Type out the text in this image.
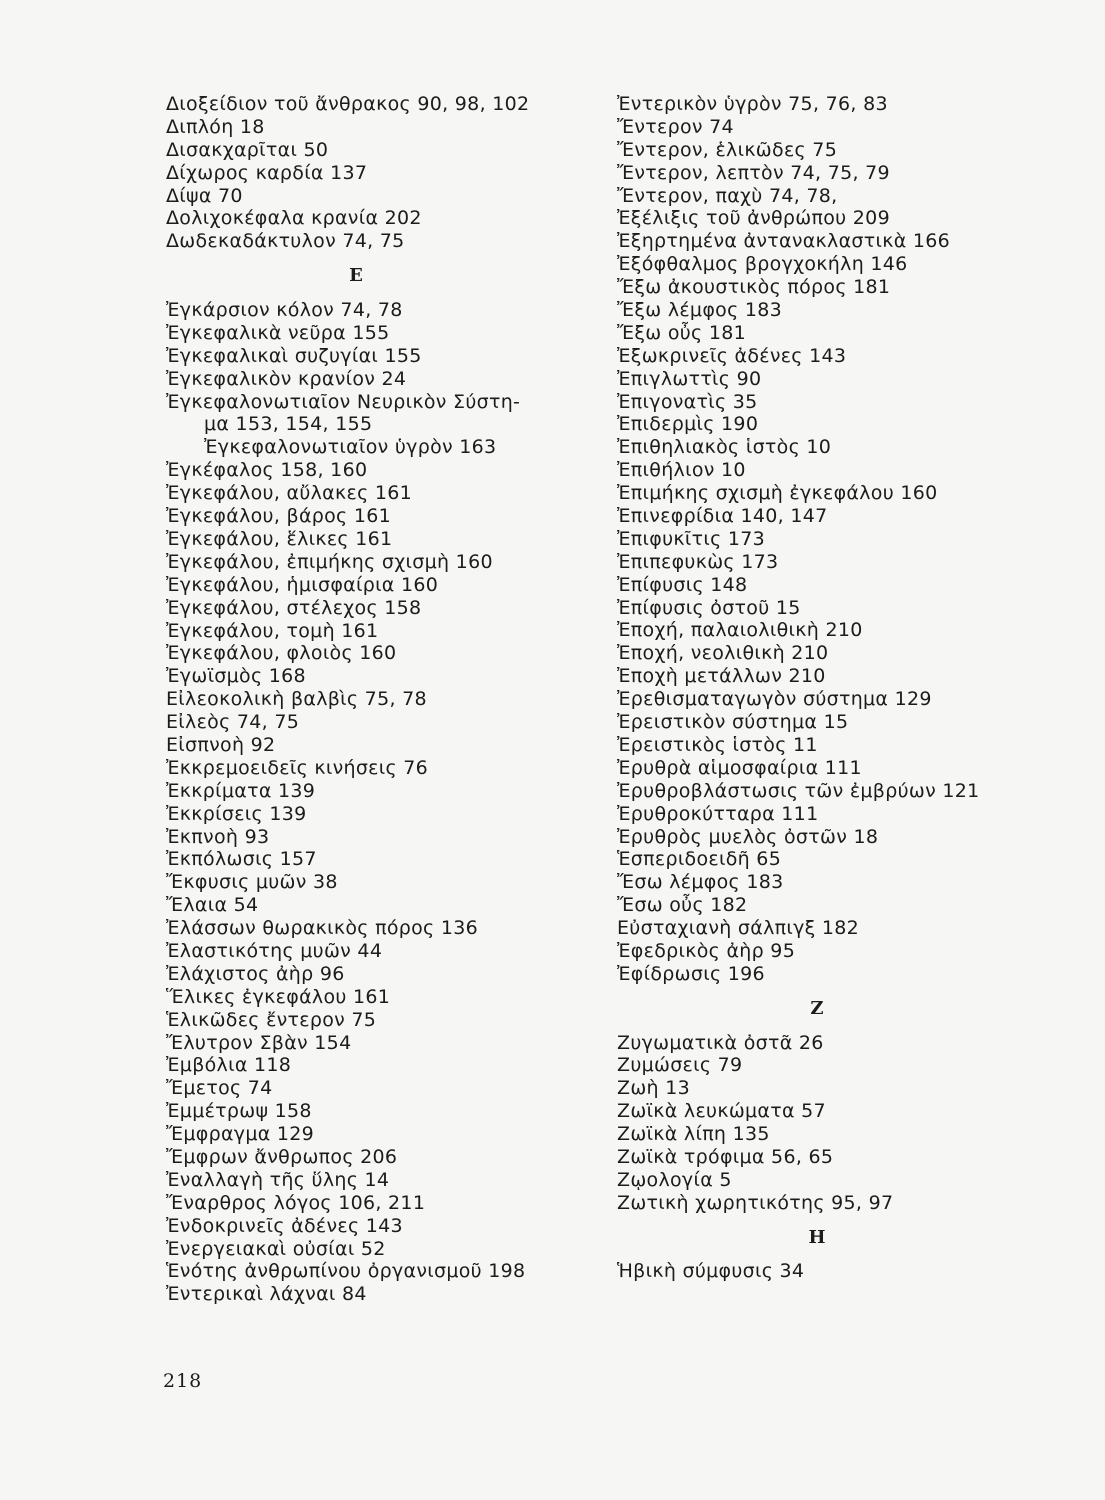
Διοξείδιον τοῦ ἄνθρακος 90, 98, 102
Διπλόη 18
Δισακχαρῖται 50
Δίχωρος καρδία 137
Δίψα 70
Δολιχοκέφαλα κρανία 202
Δωδεκαδάκτυλον 74, 75
Ε
Ἐγκάρσιον κόλον 74, 78
Ἐγκεφαλικὰ νεῦρα 155
Ἐγκεφαλικαὶ συζυγίαι 155
Ἐγκεφαλικὸν κρανίον 24
Ἐγκεφαλονωτιαῖον Νευρικὸν Σύστη-
μα 153, 154, 155
Ἐγκεφαλονωτιαῖον ὑγρὸν 163
Ἐγκέφαλος 158, 160
Ἐγκεφάλου, αὔλακες 161
Ἐγκεφάλου, βάρος 161
Ἐγκεφάλου, ἕλικες 161
Ἐγκεφάλου, ἐπιμήκης σχισμὴ 160
Ἐγκεφάλου, ἡμισφαίρια 160
Ἐγκεφάλου, στέλεχος 158
Ἐγκεφάλου, τομὴ 161
Ἐγκεφάλου, φλοιὸς 160
Ἐγωϊσμὸς 168
Εἰλεοκολικὴ βαλβὶς 75, 78
Εἰλεὸς 74, 75
Εἰσπνοὴ 92
Ἐκκρεμοειδεῖς κινήσεις 76
Ἐκκρίματα 139
Ἐκκρίσεις 139
Ἐκπνοὴ 93
Ἐκπόλωσις 157
Ἔκφυσις μυῶν 38
Ἔλαια 54
Ἐλάσσων θωρακικὸς πόρος 136
Ἐλαστικότης μυῶν 44
Ἐλάχιστος ἀὴρ 96
Ἕλικες ἐγκεφάλου 161
Ἑλικῶδες ἔντερον 75
Ἔλυτρον Σβὰν 154
Ἐμβόλια 118
Ἔμετος 74
Ἐμμέτρωψ 158
Ἔμφραγμα 129
Ἔμφρων ἄνθρωπος 206
Ἐναλλαγὴ τῆς ὕλης 14
Ἔναρθρος λόγος 106, 211
Ἐνδοκρινεῖς ἀδένες 143
Ἐνεργειακαὶ οὐσίαι 52
Ἑνότης ἀνθρωπίνου ὀργανισμοῦ 198
Ἐντερικαὶ λάχναι 84
Ἐντερικὸν ὑγρὸν 75, 76, 83
Ἔντερον 74
Ἔντερον, ἑλικῶδες 75
Ἔντερον, λεπτὸν 74, 75, 79
Ἔντερον, παχὺ 74, 78,
Ἐξέλιξις τοῦ ἀνθρώπου 209
Ἐξηρτημένα ἀντανακλαστικὰ 166
Ἐξόφθαλμος βρογχοκήλη 146
Ἔξω ἀκουστικὸς πόρος 181
Ἔξω λέμφος 183
Ἔξω οὖς 181
Ἐξωκρινεῖς ἀδένες 143
Ἐπιγλωττὶς 90
Ἐπιγονατὶς 35
Ἐπιδερμὶς 190
Ἐπιθηλιακὸς ἱστὸς 10
Ἐπιθήλιον 10
Ἐπιμήκης σχισμὴ ἐγκεφάλου 160
Ἐπινεφρίδια 140, 147
Ἐπιφυκῖτις 173
Ἐπιπεφυκὼς 173
Ἐπίφυσις 148
Ἐπίφυσις ὀστοῦ 15
Ἐποχή, παλαιολιθικὴ 210
Ἐποχή, νεολιθικὴ 210
Ἐποχὴ μετάλλων 210
Ἐρεθισματαγωγὸν σύστημα 129
Ἐρειστικὸν σύστημα 15
Ἐρειστικὸς ἱστὸς 11
Ἐρυθρὰ αἱμοσφαίρια 111
Ἐρυθροβλάστωσις τῶν ἐμβρύων 121
Ἐρυθροκύτταρα 111
Ἐρυθρὸς μυελὸς ὀστῶν 18
Ἑσπεριδοειδῆ 65
Ἔσω λέμφος 183
Ἔσω οὖς 182
Εὐσταχιανὴ σάλπιγξ 182
Ἐφεδρικὸς ἀὴρ 95
Ἐφίδρωσις 196
Ζ
Ζυγωματικὰ ὀστᾶ 26
Ζυμώσεις 79
Ζωὴ 13
Ζωϊκὰ λευκώματα 57
Ζωϊκὰ λίπη 135
Ζωϊκὰ τρόφιμα 56, 65
Ζῳολογία 5
Ζωτικὴ χωρητικότης 95, 97
Η
Ἡβικὴ σύμφυσις 34
218
